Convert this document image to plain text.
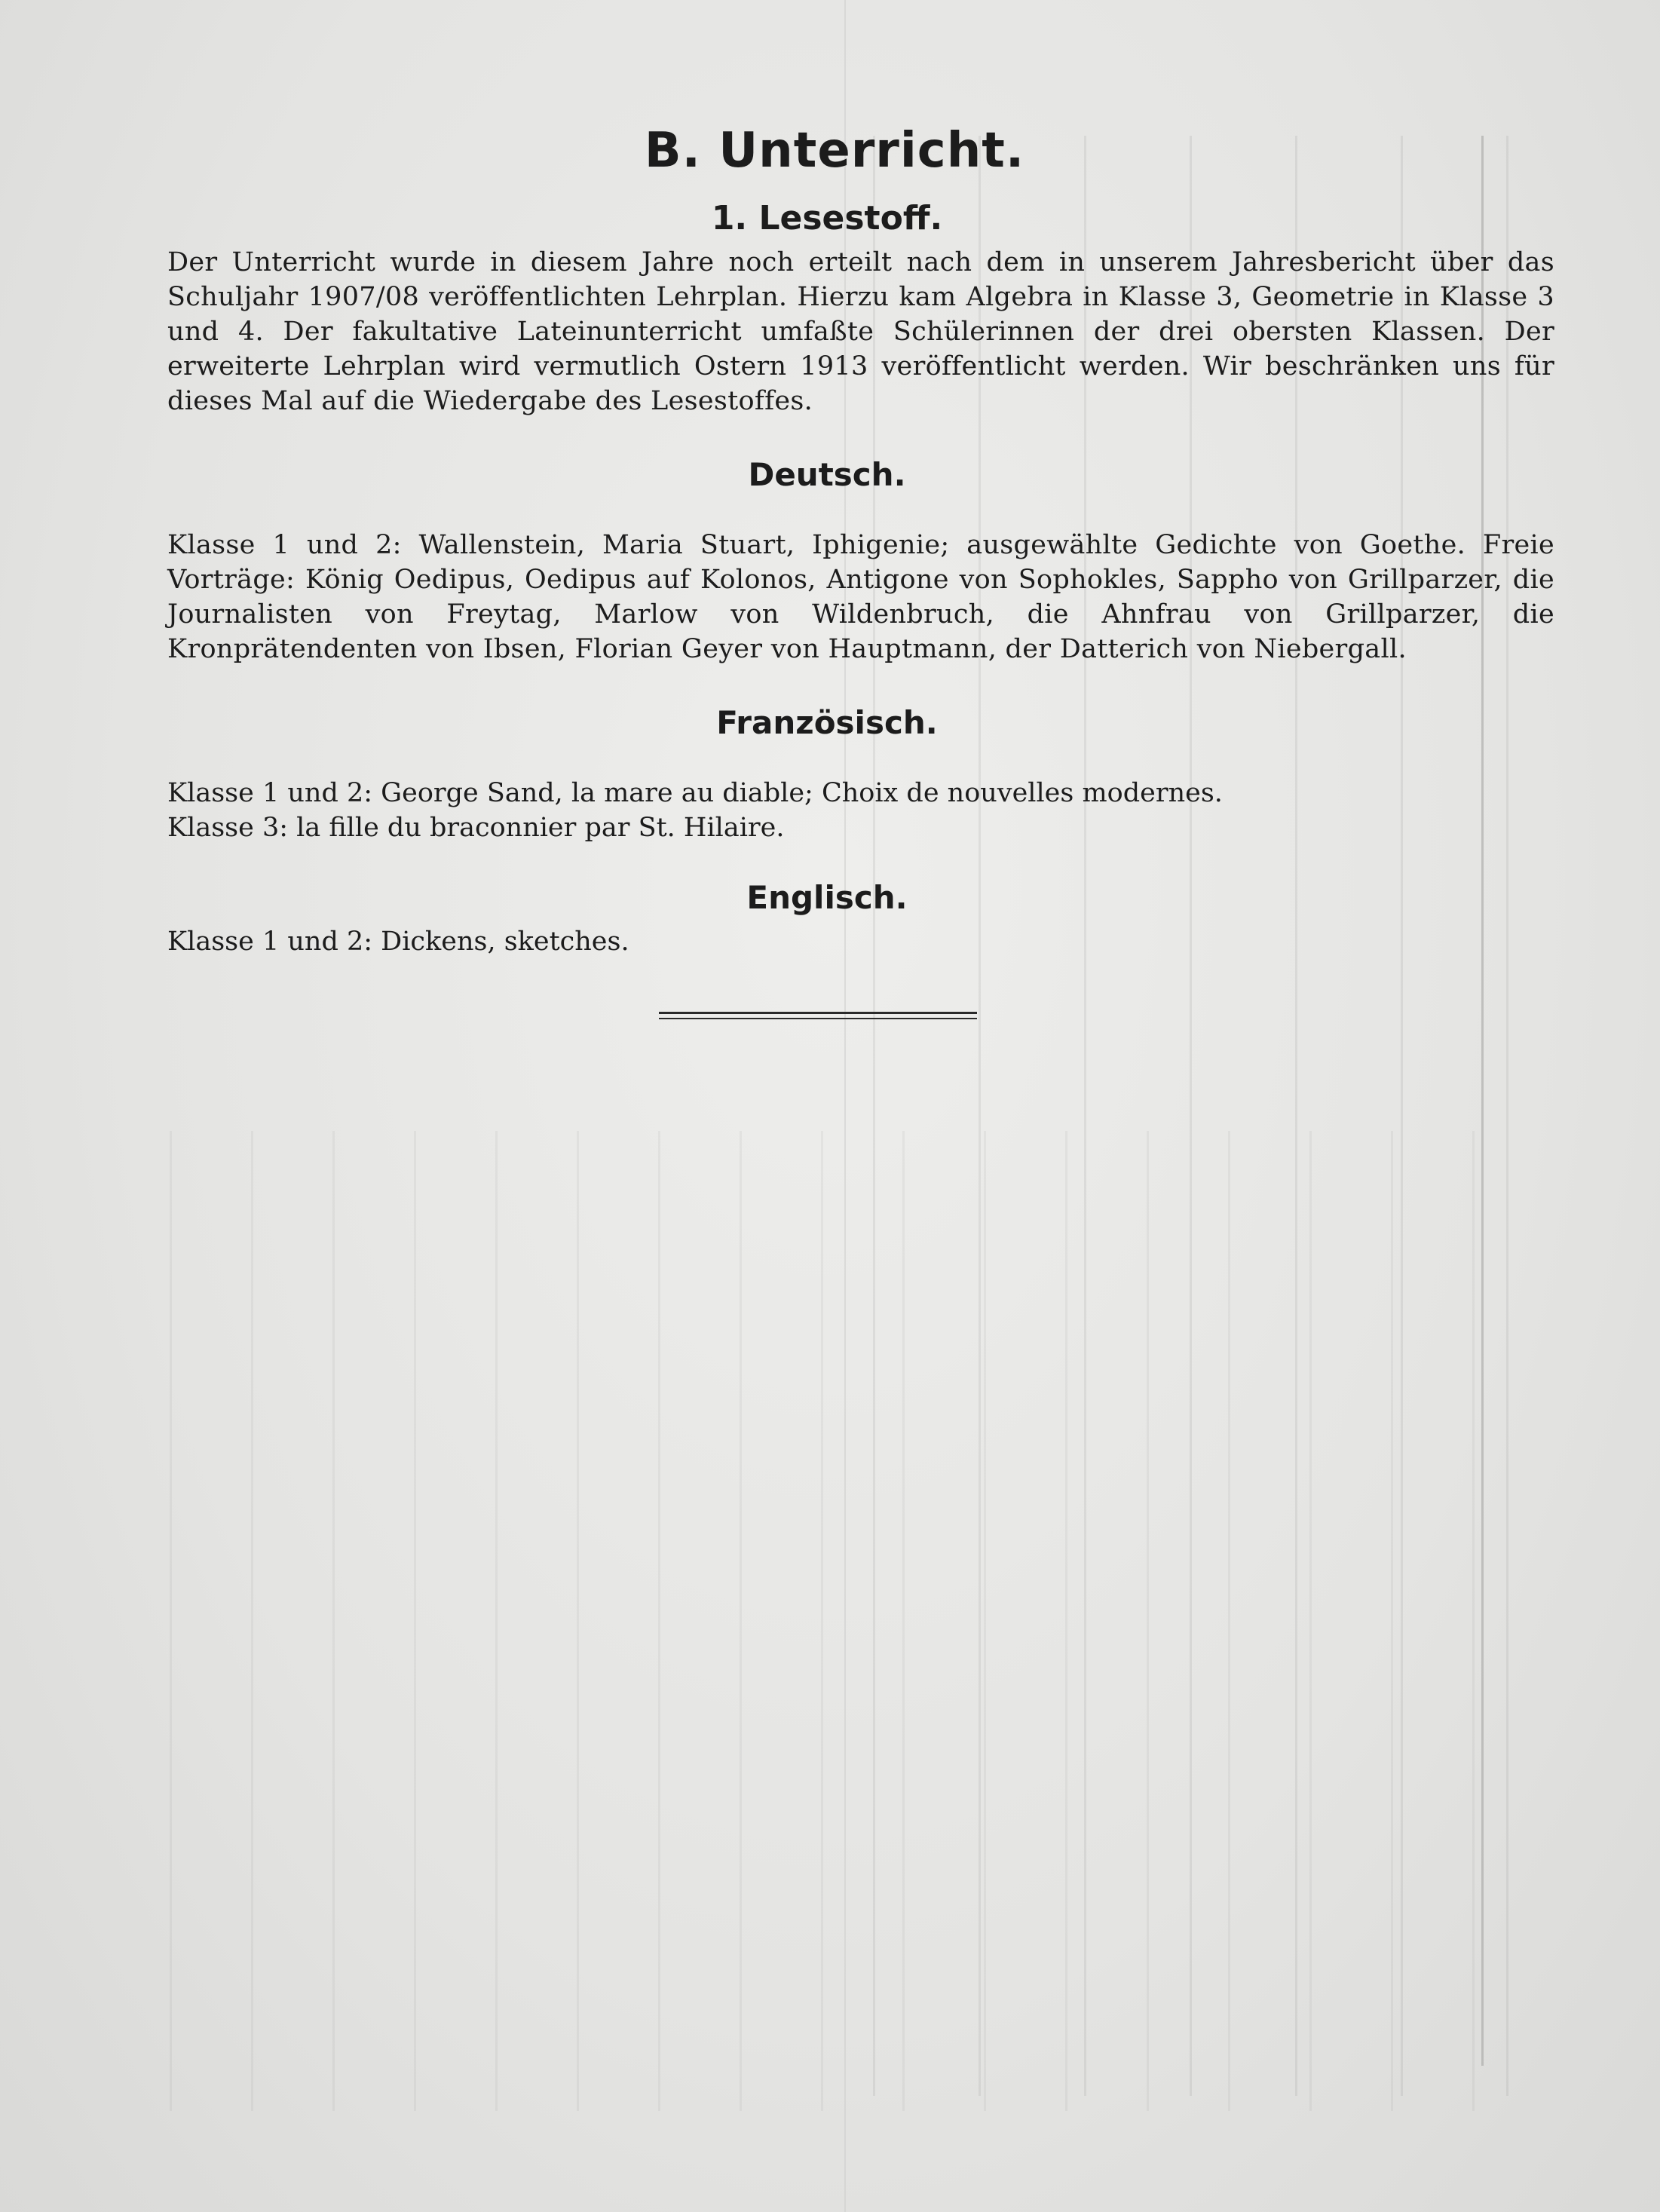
B. Unterricht.
1. Lesestoff.

Der Unterricht wurde in diesem Jahre noch erteilt nach dem in unserem Jahresbericht über das Schuljahr 1907/08 veröffentlichten Lehrplan. Hierzu kam Algebra in Klasse 3, Geometrie in Klasse 3 und 4. Der fakultative Lateinunterricht umfaßte Schülerinnen der drei obersten Klassen. Der erweiterte Lehrplan wird vermutlich Ostern 1913 veröffentlicht werden. Wir beschränken uns für dieses Mal auf die Wiedergabe des Lesestoffes.

Deutsch.

Klasse 1 und 2: Wallenstein, Maria Stuart, Iphigenie; ausgewählte Gedichte von Goethe. Freie Vorträge: König Oedipus, Oedipus auf Kolonos, Antigone von Sophokles, Sappho von Grillparzer, die Journalisten von Freytag, Marlow von Wildenbruch, die Ahnfrau von Grillparzer, die Kronprätendenten von Ibsen, Florian Geyer von Hauptmann, der Datterich von Niebergall.

Französisch.
Klasse 1 und 2: George Sand, la mare au diable; Choix de nouvelles modernes.
Klasse 3: la fille du braconnier par St. Hilaire.
Englisch.
Klasse 1 und 2: Dickens, sketches.
